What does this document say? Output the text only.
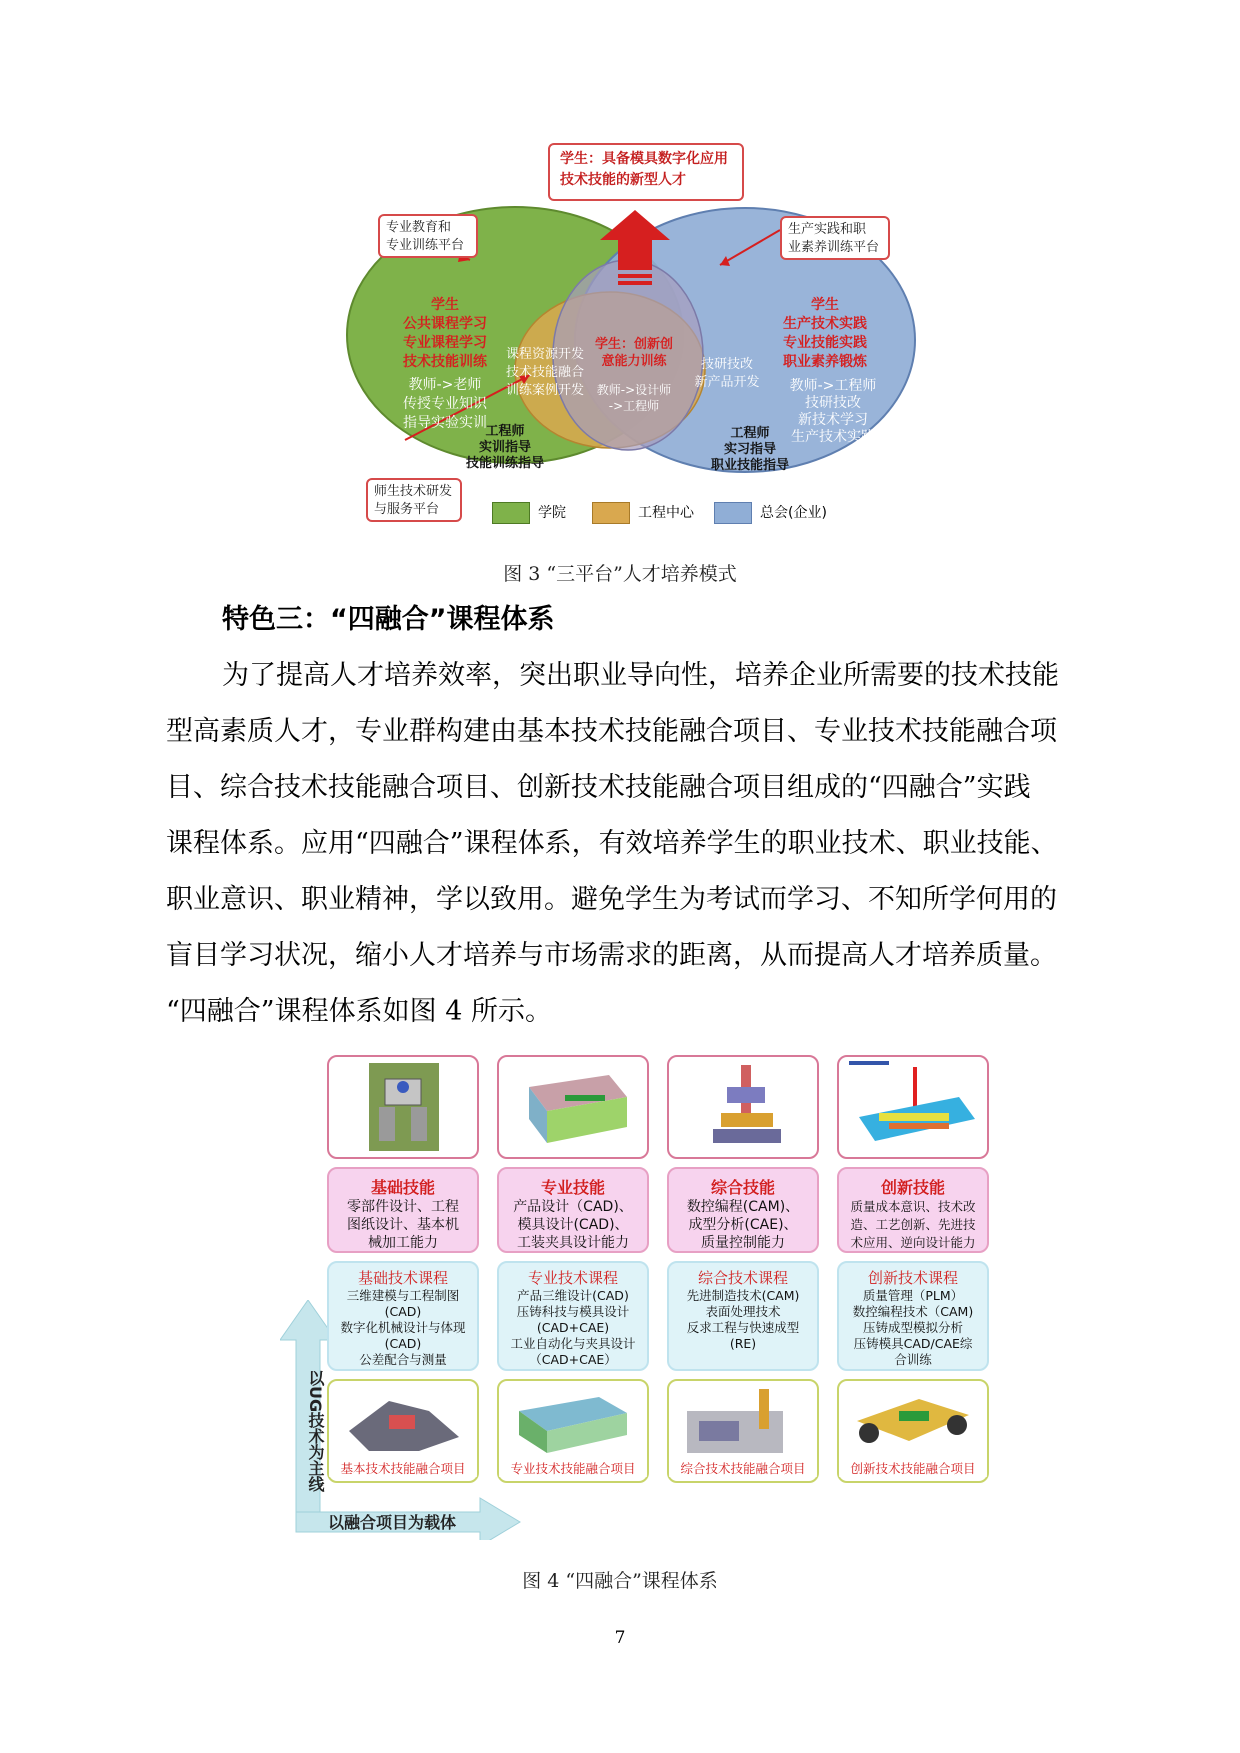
学生：具备模具数字化应用
技术技能的新型人才
专业教育和
专业训练平台
生产实践和职
业素养训练平台
师生技术研发
与服务平台
学生
公共课程学习
专业课程学习
技术技能训练
教师->老师
传授专业知识
指导实验实训
工程师
实训指导
技能训练指导
课程资源开发
技术技能融合
训练案例开发
学生：创新创
意能力训练
教师->设计师
->工程师
技研技改
新产品开发
学生
生产技术实践
专业技能实践
职业素养锻炼
教师->工程师
技研技改
新技术学习
生产技术实践
工程师
实习指导
职业技能指导
学院	工程中心	总会(企业)
图 3 “三平台”人才培养模式
特色三：“四融合”课程体系
为了提高人才培养效率，突出职业导向性，培养企业所需要的技术技能
型高素质人才，专业群构建由基本技术技能融合项目、专业技术技能融合项
目、综合技术技能融合项目、创新技术技能融合项目组成的“四融合”实践
课程体系。应用“四融合”课程体系，有效培养学生的职业技术、职业技能、
职业意识、职业精神，学以致用。避免学生为考试而学习、不知所学何用的
盲目学习状况，缩小人才培养与市场需求的距离，从而提高人才培养质量。
“四融合”课程体系如图 4 所示。
以UG技术为主线
以融合项目为载体
基础技能
零部件设计、工程
图纸设计、基本机
械加工能力
专业技能
产品设计（CAD)、
模具设计(CAD)、
工装夹具设计能力
综合技能
数控编程(CAM)、
成型分析(CAE)、
质量控制能力
创新技能
质量成本意识、技术改
造、工艺创新、先进技
术应用、逆向设计能力
基础技术课程
三维建模与工程制图
(CAD)
数字化机械设计与体现
(CAD)
公差配合与测量
专业技术课程
产品三维设计(CAD)
压铸科技与模具设计
(CAD+CAE)
工业自动化与夹具设计
（CAD+CAE）
综合技术课程
先进制造技术(CAM)
表面处理技术
反求工程与快速成型
(RE)
创新技术课程
质量管理（PLM）
数控编程技术（CAM)
压铸成型模拟分析
压铸模具CAD/CAE综
合训练
基本技术技能融合项目	专业技术技能融合项目	综合技术技能融合项目	创新技术技能融合项目
图 4 “四融合”课程体系
7
